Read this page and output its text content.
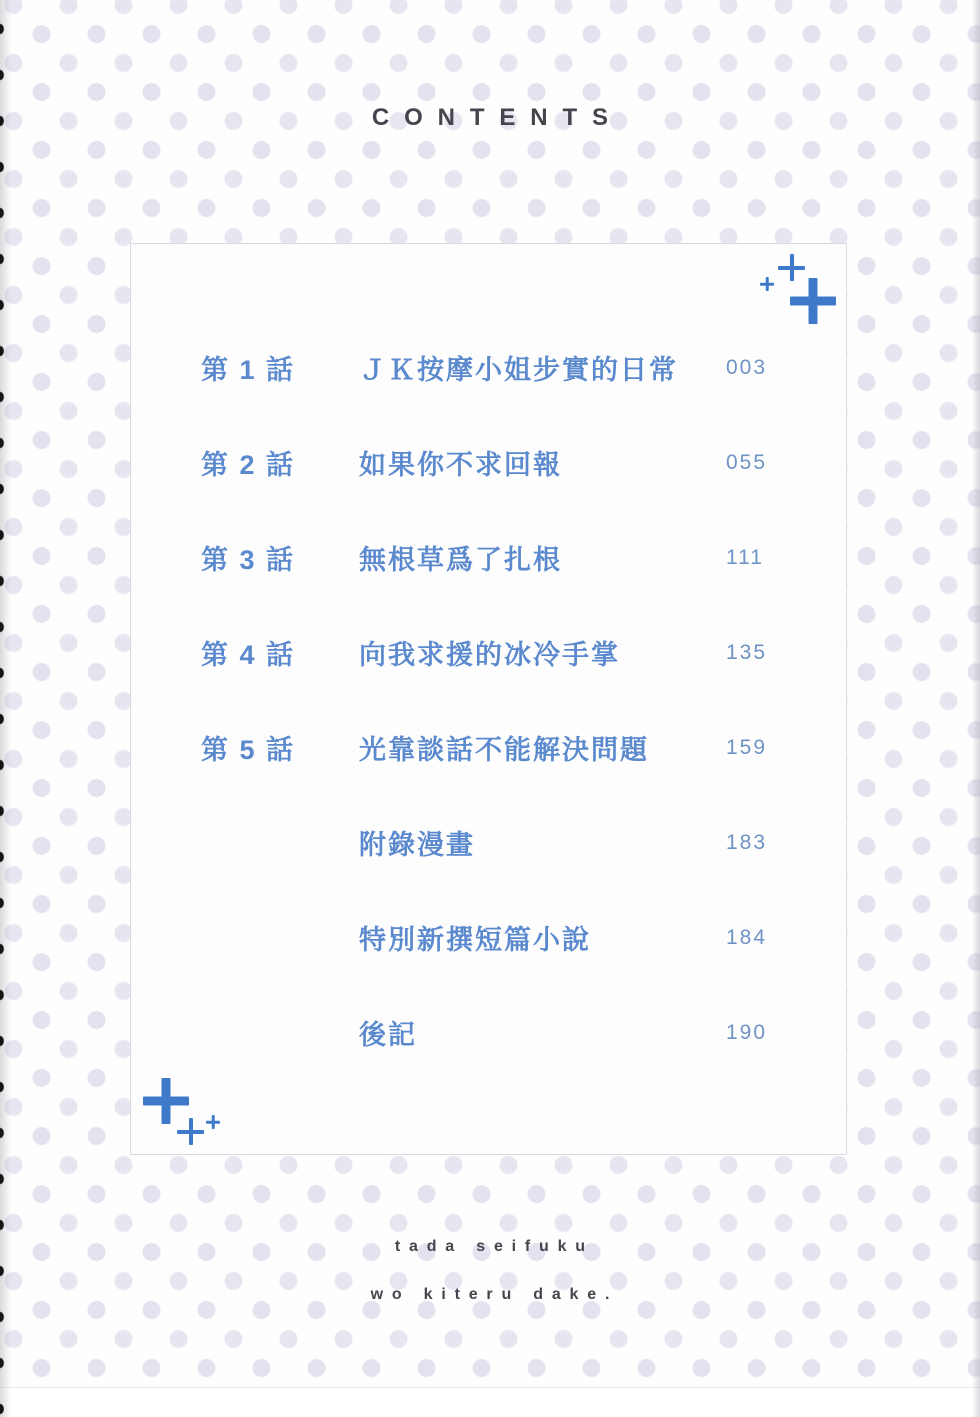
CONTENTS
第 1 話	ＪＫ按摩小姐步實的日常	003
第 2 話	如果你不求回報	055
第 3 話	無根草爲了扎根	111
第 4 話	向我求援的冰冷手掌	135
第 5 話	光靠談話不能解決問題	159
附錄漫畫	183
特別新撰短篇小說	184
後記	190
tada seifuku
wo kiteru dake.
